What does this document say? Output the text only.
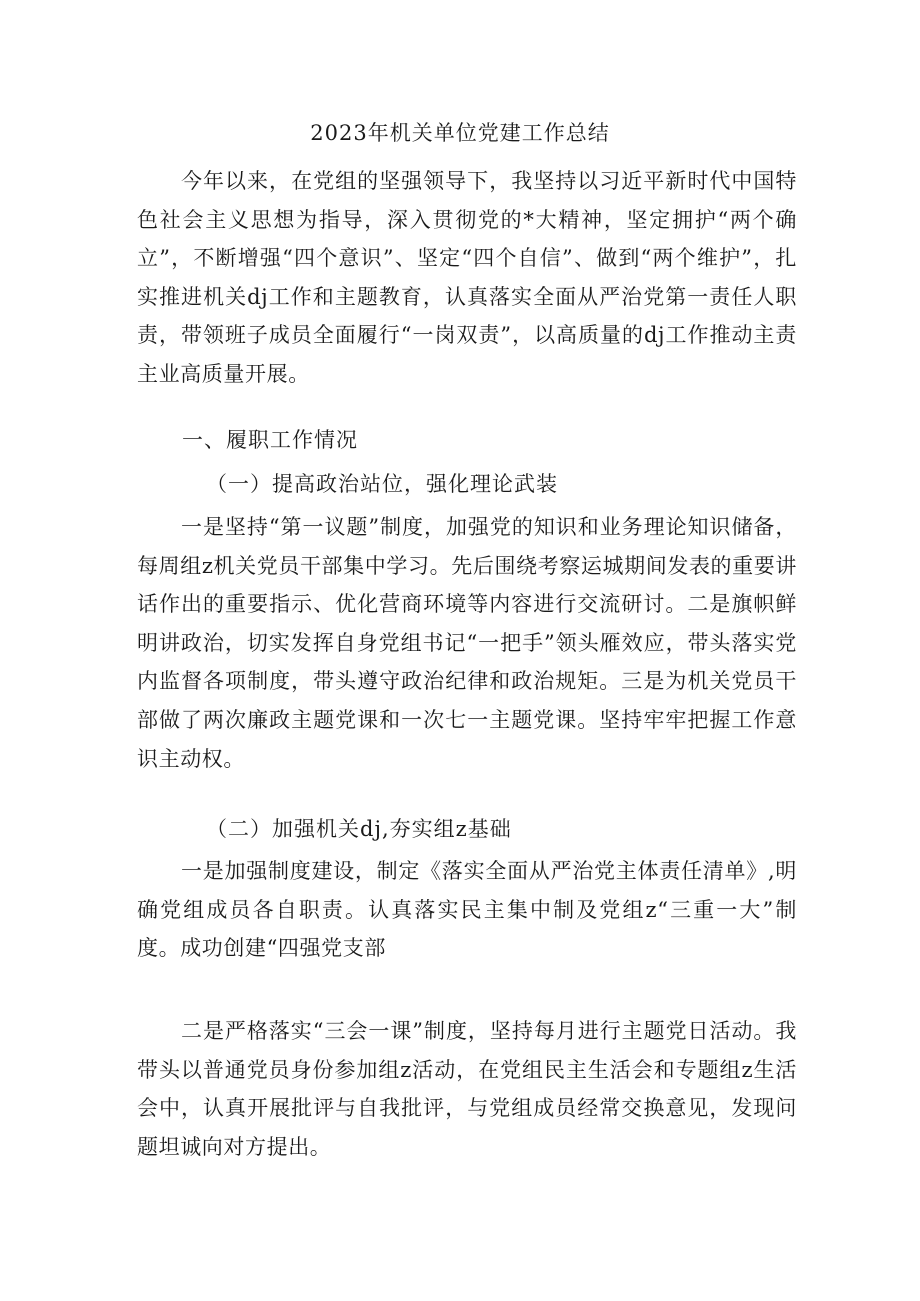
2023年机关单位党建工作总结

今年以来，在党组的坚强领导下，我坚持以习近平新时代中国特色社会主义思想为指导，深入贯彻党的*大精神，坚定拥护“两个确立”，不断增强“四个意识”、坚定“四个自信”、做到“两个维护”，扎实推进机关dj工作和主题教育，认真落实全面从严治党第一责任人职责，带领班子成员全面履行“一岗双责”，以高质量的dj工作推动主责主业高质量开展。

一、履职工作情况

（一）提高政治站位，强化理论武装

一是坚持“第一议题”制度，加强党的知识和业务理论知识储备，每周组z机关党员干部集中学习。先后围绕考察运城期间发表的重要讲话作出的重要指示、优化营商环境等内容进行交流研讨。二是旗帜鲜明讲政治，切实发挥自身党组书记“一把手”领头雁效应，带头落实党内监督各项制度，带头遵守政治纪律和政治规矩。三是为机关党员干部做了两次廉政主题党课和一次七一主题党课。坚持牢牢把握工作意识主动权。

（二）加强机关dj,夯实组z基础

一是加强制度建设，制定《落实全面从严治党主体责任清单》,明确党组成员各自职责。认真落实民主集中制及党组z“三重一大”制度。成功创建“四强党支部

二是严格落实“三会一课”制度，坚持每月进行主题党日活动。我带头以普通党员身份参加组z活动，在党组民主生活会和专题组z生活会中，认真开展批评与自我批评，与党组成员经常交换意见，发现问题坦诚向对方提出。
